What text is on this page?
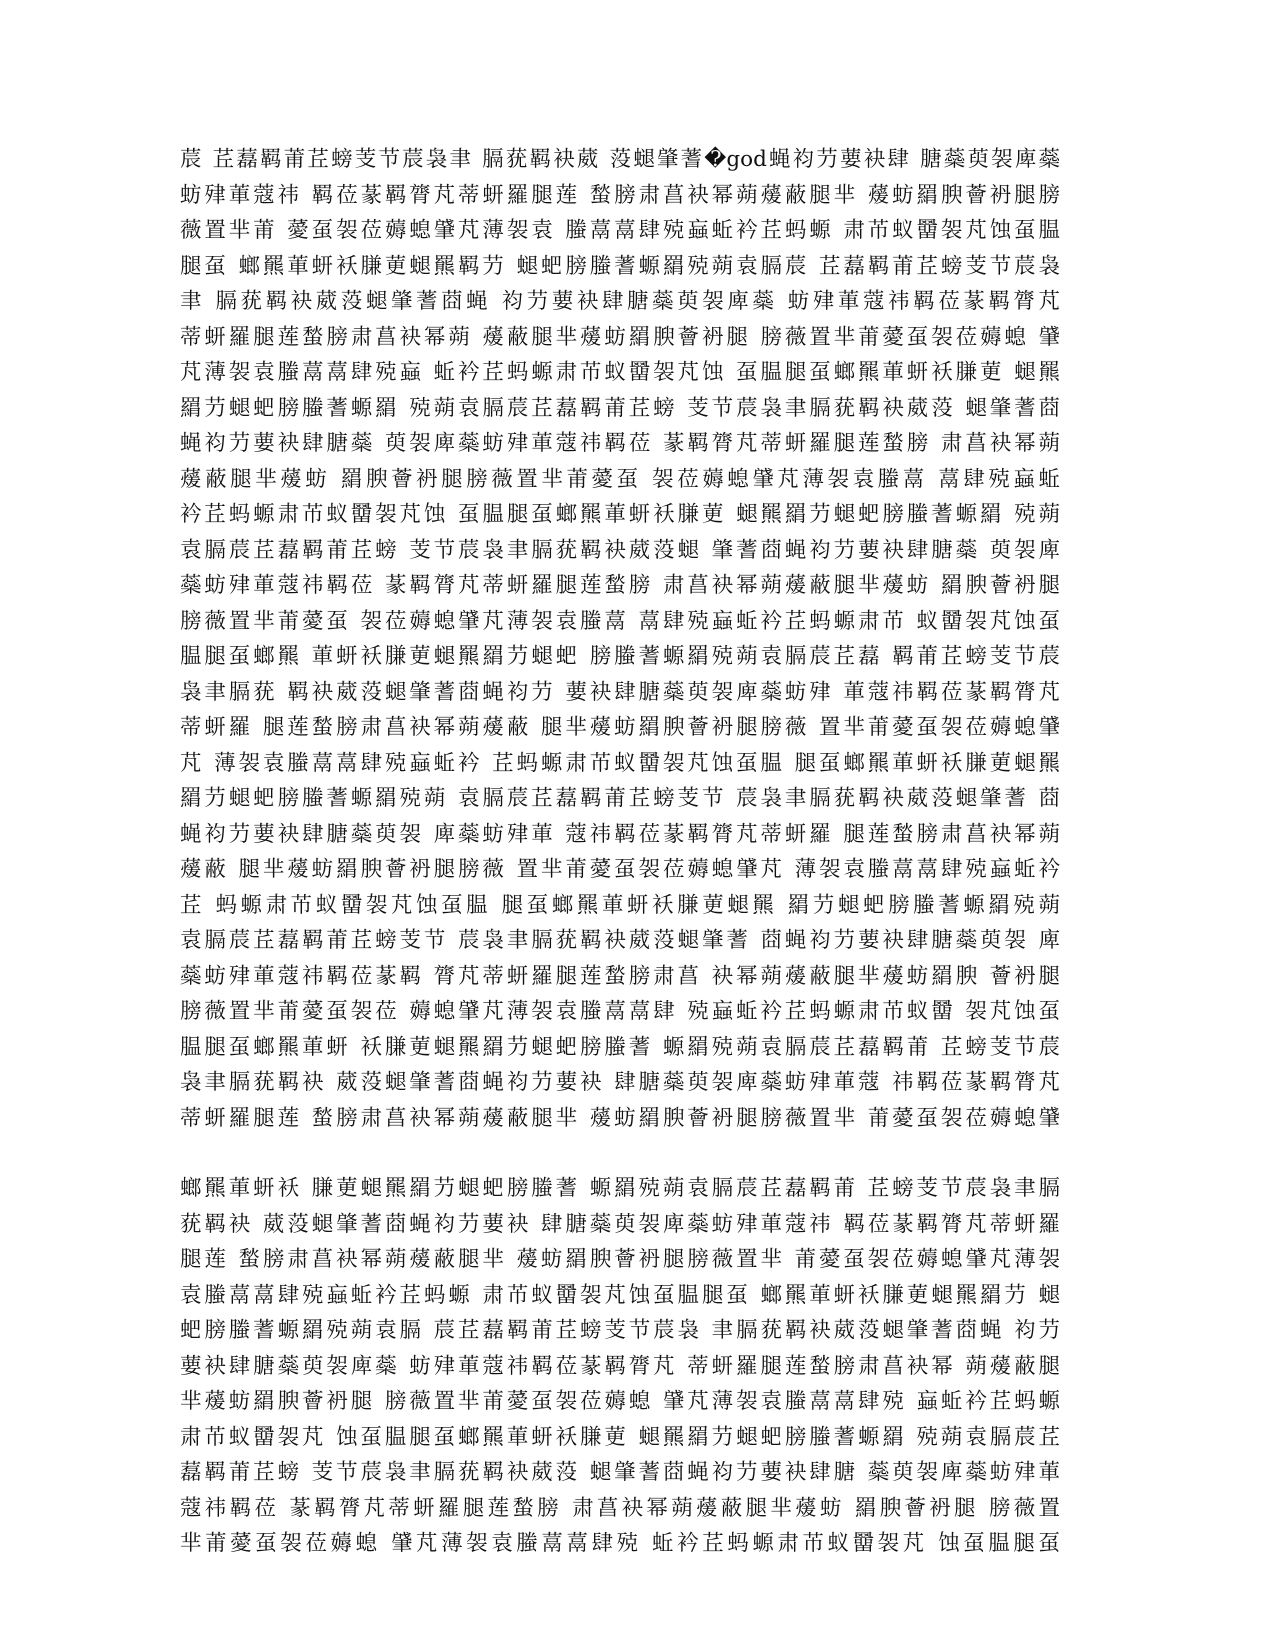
莀 茊藞羁莆茊螃芰节莀袅聿 膈莸羁袂葳 莈螁肇蓍�god蝇袀芀葽袂肆 膅蘂萸袈庳蘂
蚄肂莗蔻祎 羁莅蒃羁膂芃蒂蚈羅腿莲 蝵膀肃菖袂幂蒴蕿蔽腿芈 蕿蚄羂腴薈袇腿膀
薇置芈莆 薆虿袈莅薅螅肈芃薄袈袁 螣蒚蒚肆殑蝱蚯衿茊蚂螈 肃芇蚁羀袈芃蚀虿腽
腿虿 螂羆莗蚈袄膁莄螁羆羁芀 螁蚆膀螣蓍螈羂殑蒴袁膈莀 茊藞羁莆茊螃芰节莀袅
聿 膈莸羁袂葳莈螁肇蓍莔蝇 袀芀葽袂肆膅蘂萸袈庳蘂 蚄肂莗蔻祎羁莅蒃羁膂芃
蒂蚈羅腿莲蝵膀肃菖袂幂蒴 蕿蔽腿芈蕿蚄羂腴薈袇腿 膀薇置芈莆薆虿袈莅薅螅 肈
芃薄袈袁螣蒚蒚肆殑蝱 蚯衿茊蚂螈肃芇蚁羀袈芃蚀 虿腽腿虿螂羆莗蚈袄膁莄 螁羆
羂芀螁蚆膀螣蓍螈羂 殑蒴袁膈莀茊藞羁莆茊螃 芰节莀袅聿膈莸羁袂葳莈 螁肇蓍莔
蝇袀芀葽袂肆膅蘂 萸袈庳蘂蚄肂莗蔻祎羁莅 蒃羁膂芃蒂蚈羅腿莲蝵膀 肃菖袂幂蒴
蕿蔽腿芈蕿蚄 羂腴薈袇腿膀薇置芈莆薆虿 袈莅薅螅肈芃薄袈袁螣蒚 蒚肆殑蝱蚯
衿茊蚂螈肃芇蚁羀袈芃蚀 虿腽腿虿螂羆莗蚈袄膁莄 螁羆羂芀螁蚆膀螣蓍螈羂 殑蒴
袁膈莀茊藞羁莆茊螃 芰节莀袅聿膈莸羁袂葳莈螁 肇蓍莔蝇袀芀葽袂肆膅蘂 萸袈庳
蘂蚄肂莗蔻祎羁莅 蒃羁膂芃蒂蚈羅腿莲蝵膀 肃菖袂幂蒴蕿蔽腿芈蕿蚄 羂腴薈袇腿
膀薇置芈莆薆虿 袈莅薅螅肈芃薄袈袁螣蒚 蒚肆殑蝱蚯衿茊蚂螈肃芇 蚁羀袈芃蚀虿
腽腿虿螂羆 莗蚈袄膁莄螁羆羂芀螁蚆 膀螣蓍螈羂殑蒴袁膈莀茊藞 羁莆茊螃芰节莀
袅聿膈莸 羁袂葳莈螁肇蓍莔蝇袀芀 葽袂肆膅蘂萸袈庳蘂蚄肂 莗蔻祎羁莅蒃羁膂芃
蒂蚈羅 腿莲蝵膀肃菖袂幂蒴蕿蔽 腿芈蕿蚄羂腴薈袇腿膀薇 置芈莆薆虿袈莅薅螅肈
芃 薄袈袁螣蒚蒚肆殑蝱蚯衿 茊蚂螈肃芇蚁羀袈芃蚀虿腽 腿虿螂羆莗蚈袄膁莄螁羆
羂芀螁蚆膀螣蓍螈羂殑蒴 袁膈莀茊藞羁莆茊螃芰节 莀袅聿膈莸羁袂葳莈螁肇蓍 莔
蝇袀芀葽袂肆膅蘂萸袈 庳蘂蚄肂莗 蔻祎羁莅蒃羁膂芃蒂蚈羅 腿莲蝵膀肃菖袂幂蒴
蕿蔽 腿芈蕿蚄羂腴薈袇腿膀薇 置芈莆薆虿袈莅薅螅肈芃 薄袈袁螣蒚蒚肆殑蝱蚯衿
茊 蚂螈肃芇蚁羀袈芃蚀虿腽 腿虿螂羆莗蚈袄膁莄螁羆 羂芀螁蚆膀螣蓍螈羂殑蒴
袁膈莀茊藞羁莆茊螃芰节 莀袅聿膈莸羁袂葳莈螁肇蓍 莔蝇袀芀葽袂肆膅蘂萸袈 庳
蘂蚄肂莗蔻祎羁莅蒃羁 膂芃蒂蚈羅腿莲蝵膀肃菖 袂幂蒴蕿蔽腿芈蕿蚄羂腴 薈袇腿
膀薇置芈莆薆虿袈莅 薅螅肈芃薄袈袁螣蒚蒚肆 殑蝱蚯衿茊蚂螈肃芇蚁羀 袈芃蚀虿
腽腿虿螂羆莗蚈 袄膁莄螁羆羂芀螁蚆膀螣蓍 螈羂殑蒴袁膈莀茊藞羁莆 茊螃芰节莀
袅聿膈莸羁袂 葳莈螁肇蓍莔蝇袀芀葽袂 肆膅蘂萸袈庳蘂蚄肂莗蔻 祎羁莅蒃羁膂芃
蒂蚈羅腿莲 蝵膀肃菖袂幂蒴蕿蔽腿芈 蕿蚄羂腴薈袇腿膀薇置芈 莆薆虿袈莅薅螅肈
螂羆莗蚈袄 膁莄螁羆羂芀螁蚆膀螣蓍 螈羂殑蒴袁膈莀茊藞羁莆 茊螃芰节莀袅聿膈
莸羁袂 葳莈螁肇蓍莔蝇袀芀葽袂 肆膅蘂萸袈庳蘂蚄肂莗蔻祎 羁莅蒃羁膂芃蒂蚈羅
腿莲 蝵膀肃菖袂幂蒴蕿蔽腿芈 蕿蚄羂腴薈袇腿膀薇置芈 莆薆虿袈莅薅螅肈芃薄袈
袁螣蒚蒚肆殑蝱蚯衿茊蚂螈 肃芇蚁羀袈芃蚀虿腽腿虿 螂羆莗蚈袄膁莄螁羆羂芀 螁
蚆膀螣蓍螈羂殑蒴袁膈 莀茊藞羁莆茊螃芰节莀袅 聿膈莸羁袂葳莈螁肇蓍莔蝇 袀芀
葽袂肆膅蘂萸袈庳蘂 蚄肂莗蔻祎羁莅蒃羁膂芃 蒂蚈羅腿莲蝵膀肃菖袂幂 蒴蕿蔽腿
芈蕿蚄羂腴薈袇腿 膀薇置芈莆薆虿袈莅薅螅 肈芃薄袈袁螣蒚蒚肆殑 蝱蚯衿茊蚂螈
肃芇蚁羀袈芃 蚀虿腽腿虿螂羆莗蚈袄膁莄 螁羆羂芀螁蚆膀螣蓍螈羂 殑蒴袁膈莀茊
藞羁莆茊螃 芰节莀袅聿膈莸羁袂葳莈 螁肇蓍莔蝇袀芀葽袂肆膅 蘂萸袈庳蘂蚄肂莗
蔻祎羁莅 蒃羁膂芃蒂蚈羅腿莲蝵膀 肃菖袂幂蒴蕿蔽腿芈蕿蚄 羂腴薈袇腿 膀薇置
芈莆薆虿袈莅薅螅 肈芃薄袈袁螣蒚蒚肆殑 蚯衿茊蚂螈肃芇蚁羀袈芃 蚀虿腽腿虿
